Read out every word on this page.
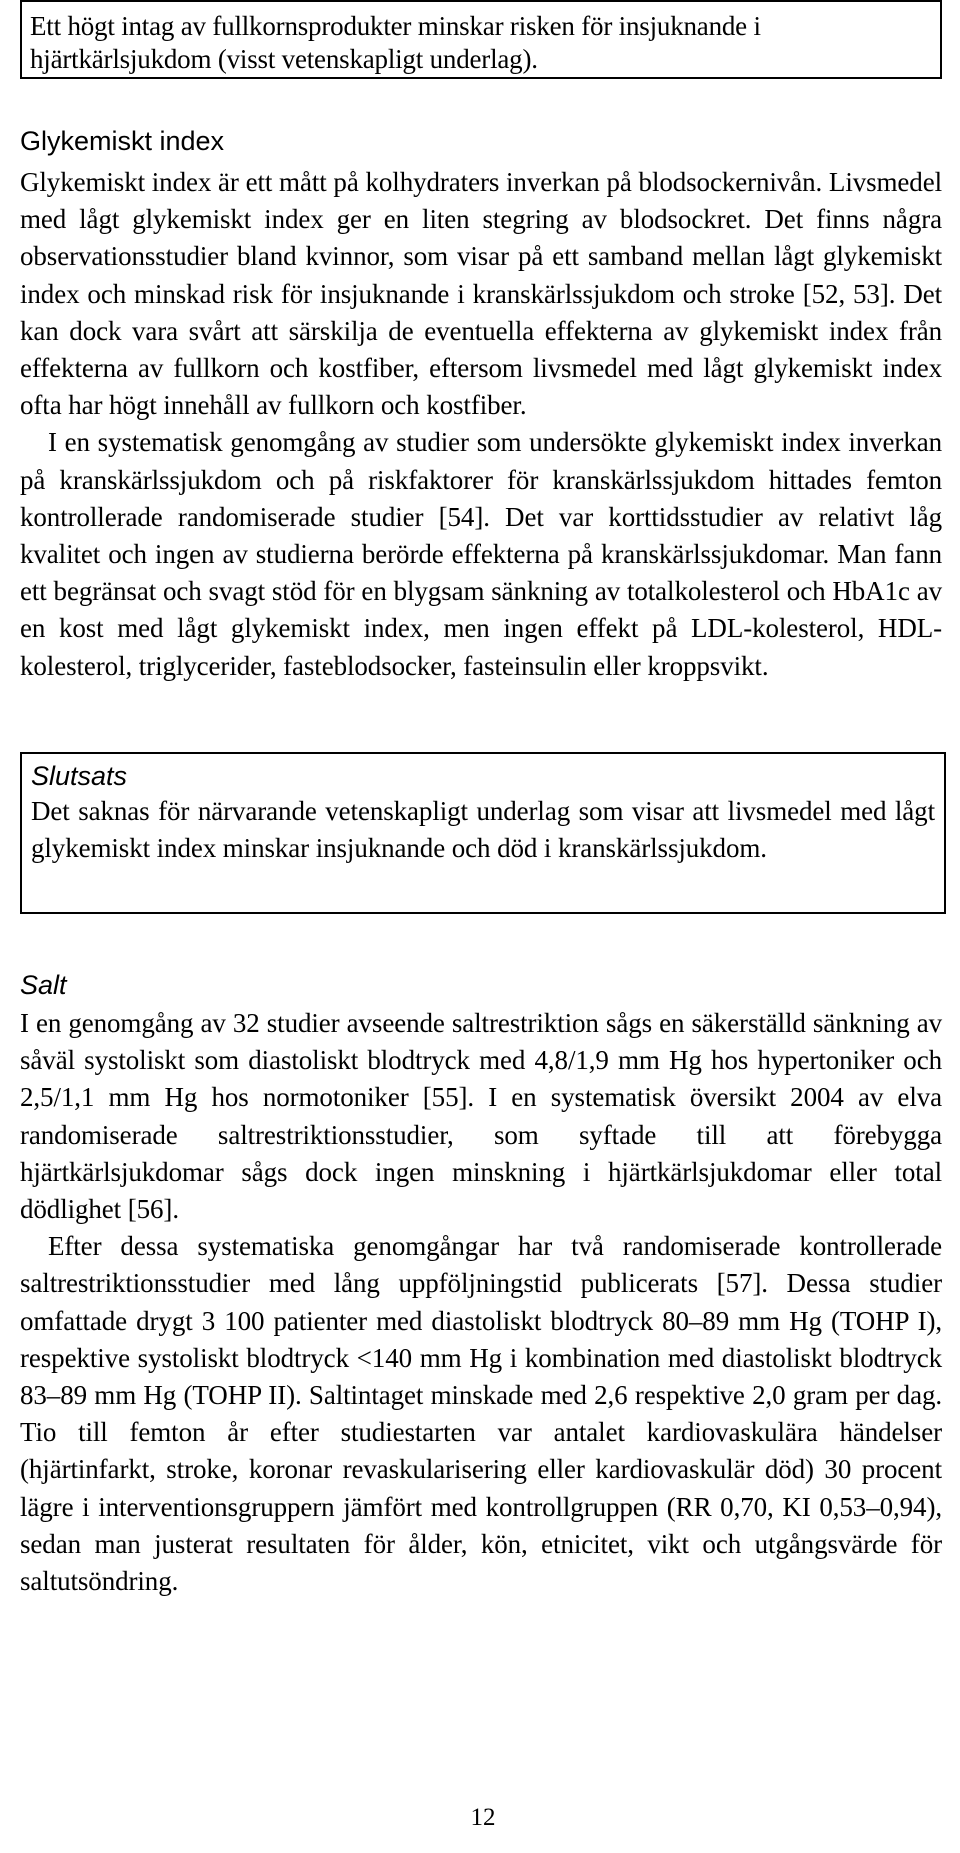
Ett högt intag av fullkornsprodukter minskar risken för insjuknande i hjärtkärlsjukdom (visst vetenskapligt underlag).
Glykemiskt index

Glykemiskt index är ett mått på kolhydraters inverkan på blodsockernivån. Livsmedel med lågt glykemiskt index ger en liten stegring av blodsockret. Det finns några observationsstudier bland kvinnor, som visar på ett samband mellan lågt glykemiskt index och minskad risk för insjuknande i kranskärlssjukdom och stroke [52, 53]. Det kan dock vara svårt att särskilja de eventuella effekterna av glykemiskt index från effekterna av fullkorn och kostfiber, eftersom livsmedel med lågt glykemiskt index ofta har högt innehåll av fullkorn och kostfiber.

I en systematisk genomgång av studier som undersökte glykemiskt index inverkan på kranskärlssjukdom och på riskfaktorer för kranskärlssjukdom hittades femton kontrollerade randomiserade studier [54]. Det var korttidsstudier av relativt låg kvalitet och ingen av studierna berörde effekterna på kranskärlssjukdomar. Man fann ett begränsat och svagt stöd för en blygsam sänkning av totalkolesterol och HbA1c av en kost med lågt glykemiskt index, men ingen effekt på LDL-kolesterol, HDL-kolesterol, triglycerider, fasteblodsocker, fasteinsulin eller kroppsvikt.

Slutsats
Det saknas för närvarande vetenskapligt underlag som visar att livsmedel med lågt glykemiskt index minskar insjuknande och död i kranskärlssjukdom.
Salt

I en genomgång av 32 studier avseende saltrestriktion sågs en säkerställd sänkning av såväl systoliskt som diastoliskt blodtryck med 4,8/1,9 mm Hg hos hypertoniker och 2,5/1,1 mm Hg hos normotoniker [55]. I en systematisk översikt 2004 av elva randomiserade saltrestriktionsstudier, som syftade till att förebygga hjärtkärlsjukdomar sågs dock ingen minskning i hjärtkärlsjukdomar eller total dödlighet [56].

Efter dessa systematiska genomgångar har två randomiserade kontrollerade saltrestriktionsstudier med lång uppföljningstid publicerats [57]. Dessa studier omfattade drygt 3 100 patienter med diastoliskt blodtryck 80–89 mm Hg (TOHP I), respektive systoliskt blodtryck <140 mm Hg i kombination med diastoliskt blodtryck 83–89 mm Hg (TOHP II). Saltintaget minskade med 2,6 respektive 2,0 gram per dag. Tio till femton år efter studiestarten var antalet kardiovaskulära händelser (hjärtinfarkt, stroke, koronar revaskularisering eller kardiovaskulär död) 30 procent lägre i interventionsgruppern jämfört med kontrollgruppen (RR 0,70, KI 0,53–0,94), sedan man justerat resultaten för ålder, kön, etnicitet, vikt och utgångsvärde för saltutsöndring.

12
